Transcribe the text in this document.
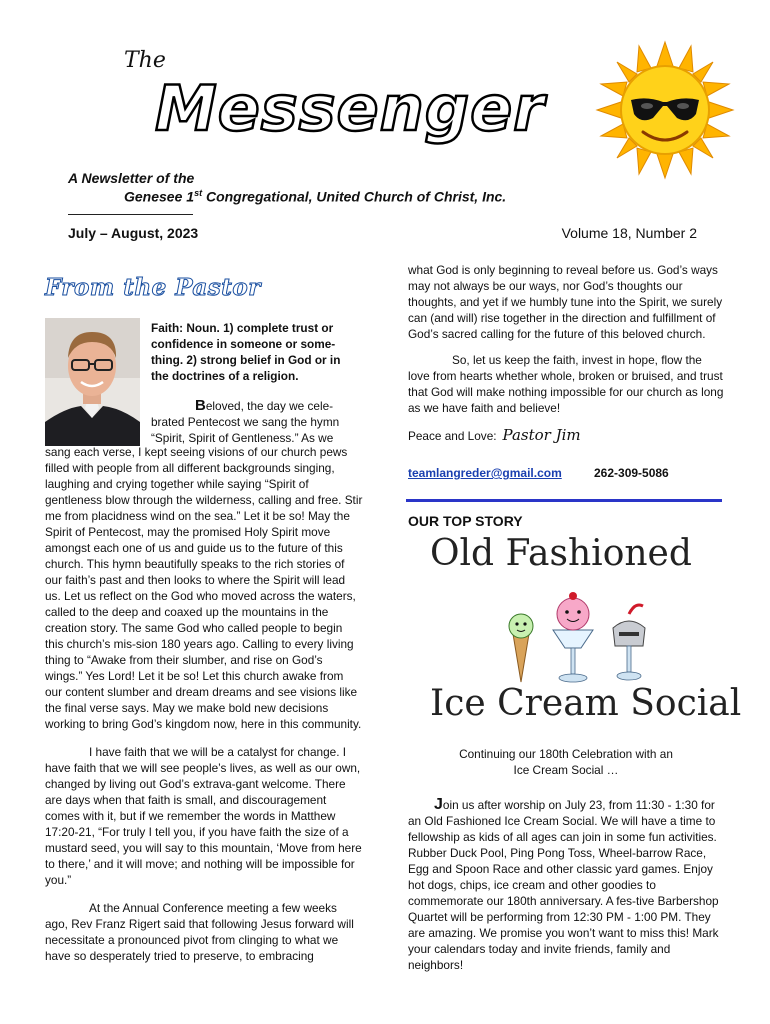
The
Messenger
A Newsletter of the
Genesee 1st Congregational, United Church of Christ, Inc.
July – August, 2023	Volume 18, Number 2
From the Pastor
Faith: Noun. 1) complete trust or confidence in someone or some-thing. 2) strong belief in God or in the doctrines of a religion.
Beloved, the day we cele-brated Pentecost we sang the hymn “Spirit, Spirit of Gentleness.” As we

sang each verse, I kept seeing visions of our church pews filled with people from all different backgrounds singing, laughing and crying together while saying “Spirit of gentleness blow through the wilderness, calling and free. Stir me from placidness wind on the sea.” Let it be so! May the Spirit of Pentecost, may the promised Holy Spirit move amongst each one of us and guide us to the future of this church. This hymn beautifully speaks to the rich stories of our faith’s past and then looks to where the Spirit will lead us. Let us reflect on the God who moved across the waters, called to the deep and coaxed up the mountains in the creation story. The same God who called people to begin this church’s mis-sion 180 years ago. Calling to every living thing to “Awake from their slumber, and rise on God’s wings.” Yes Lord! Let it be so! Let this church awake from our content slumber and dream dreams and see visions like the final verse says. May we make bold new decisions working to bring God’s kingdom now, here in this community.

I have faith that we will be a catalyst for change. I have faith that we will see people’s lives, as well as our own, changed by living out God’s extrava-gant welcome. There are days when that faith is small, and discouragement comes with it, but if we remember the words in Matthew 17:20-21, “For truly I tell you, if you have faith the size of a mustard seed, you will say to this mountain, ‘Move from here to there,’ and it will move; and nothing will be impossible for you.”

At the Annual Conference meeting a few weeks ago, Rev Franz Rigert said that following Jesus forward will necessitate a pronounced pivot from clinging to what we have so desperately tried to preserve, to embracing

what God is only beginning to reveal before us. God’s ways may not always be our ways, nor God’s thoughts our thoughts, and yet if we humbly tune into the Spirit, we surely can (and will) rise together in the direction and fulfillment of God’s sacred calling for the future of this beloved church.

So, let us keep the faith, invest in hope, flow the love from hearts whether whole, broken or bruised, and trust that God will make nothing impossible for our church as long as we have faith and believe!

Peace and Love: Pastor Jim
teamlangreder@gmail.com	262-309-5086
OUR TOP STORY
Old Fashioned
Ice Cream Social
Continuing our 180th Celebration with an
Ice Cream Social …
Join us after worship on July 23, from 11:30 - 1:30 for an Old Fashioned Ice Cream Social. We will have a time to fellowship as kids of all ages can join in some fun activities. Rubber Duck Pool, Ping Pong Toss, Wheel-barrow Race, Egg and Spoon Race and other classic yard games. Enjoy hot dogs, chips, ice cream and other goodies to commemorate our 180th anniversary. A fes-tive Barbershop Quartet will be performing from 12:30 PM - 1:00 PM. They are amazing. We promise you won’t want to miss this! Mark your calendars today and invite friends, family and neighbors!
